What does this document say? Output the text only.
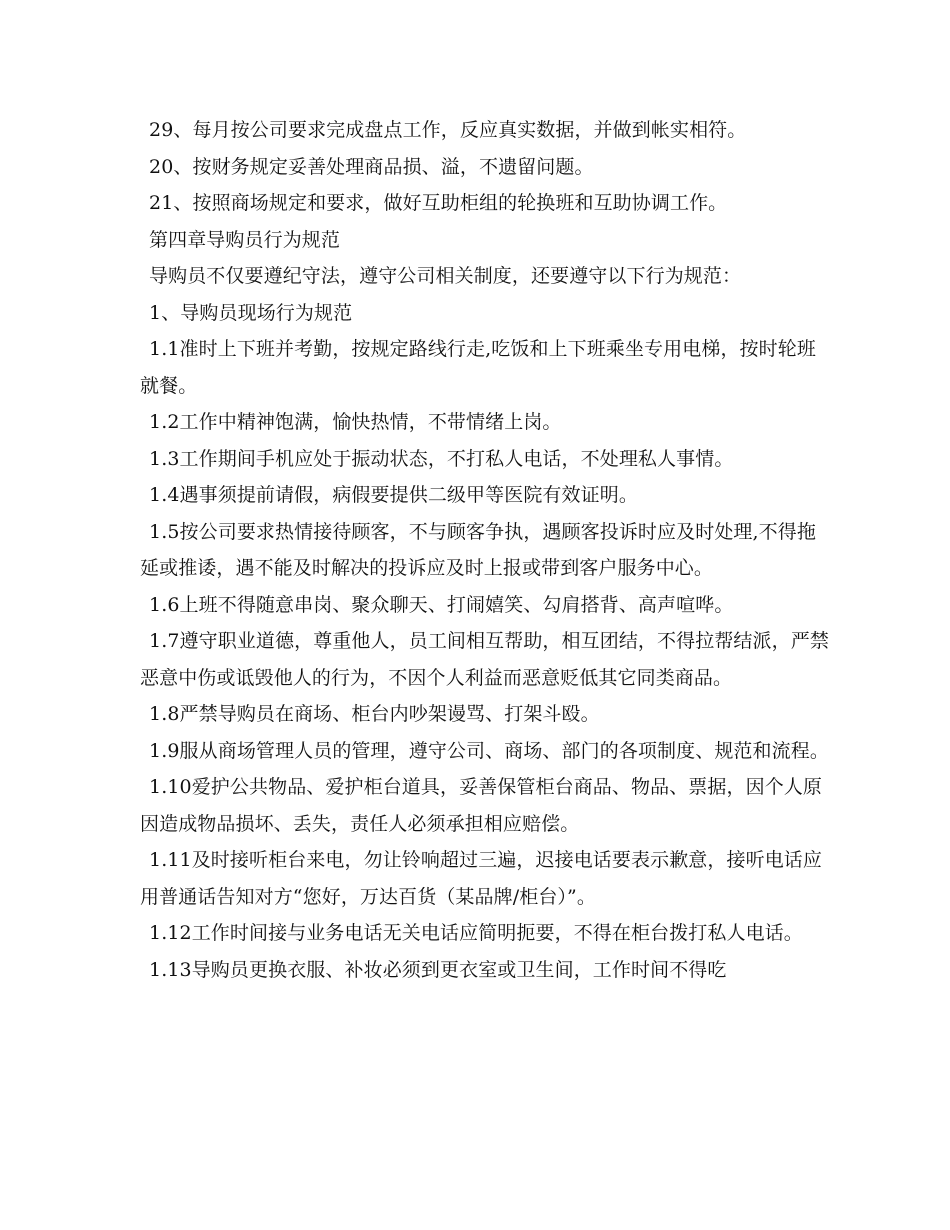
29、每月按公司要求完成盘点工作，反应真实数据，并做到帐实相符。

20、按财务规定妥善处理商品损、溢，不遗留问题。

21、按照商场规定和要求，做好互助柜组的轮换班和互助协调工作。

第四章导购员行为规范

导购员不仅要遵纪守法，遵守公司相关制度，还要遵守以下行为规范：

1、导购员现场行为规范

1.1准时上下班并考勤，按规定路线行走,吃饭和上下班乘坐专用电梯，按时轮班就餐。

1.2工作中精神饱满，愉快热情，不带情绪上岗。

1.3工作期间手机应处于振动状态，不打私人电话，不处理私人事情。

1.4遇事须提前请假，病假要提供二级甲等医院有效证明。

1.5按公司要求热情接待顾客，不与顾客争执，遇顾客投诉时应及时处理,不得拖延或推诿，遇不能及时解决的投诉应及时上报或带到客户服务中心。

1.6上班不得随意串岗、聚众聊天、打闹嬉笑、勾肩搭背、高声喧哗。

1.7遵守职业道德，尊重他人，员工间相互帮助，相互团结，不得拉帮结派，严禁恶意中伤或诋毁他人的行为，不因个人利益而恶意贬低其它同类商品。

1.8严禁导购员在商场、柜台内吵架谩骂、打架斗殴。

1.9服从商场管理人员的管理，遵守公司、商场、部门的各项制度、规范和流程。

1.10爱护公共物品、爱护柜台道具，妥善保管柜台商品、物品、票据，因个人原因造成物品损坏、丢失，责任人必须承担相应赔偿。

1.11及时接听柜台来电，勿让铃响超过三遍，迟接电话要表示歉意，接听电话应用普通话告知对方“您好，万达百货（某品牌/柜台）”。

1.12工作时间接与业务电话无关电话应简明扼要，不得在柜台拨打私人电话。

1.13导购员更换衣服、补妆必须到更衣室或卫生间，工作时间不得吃
